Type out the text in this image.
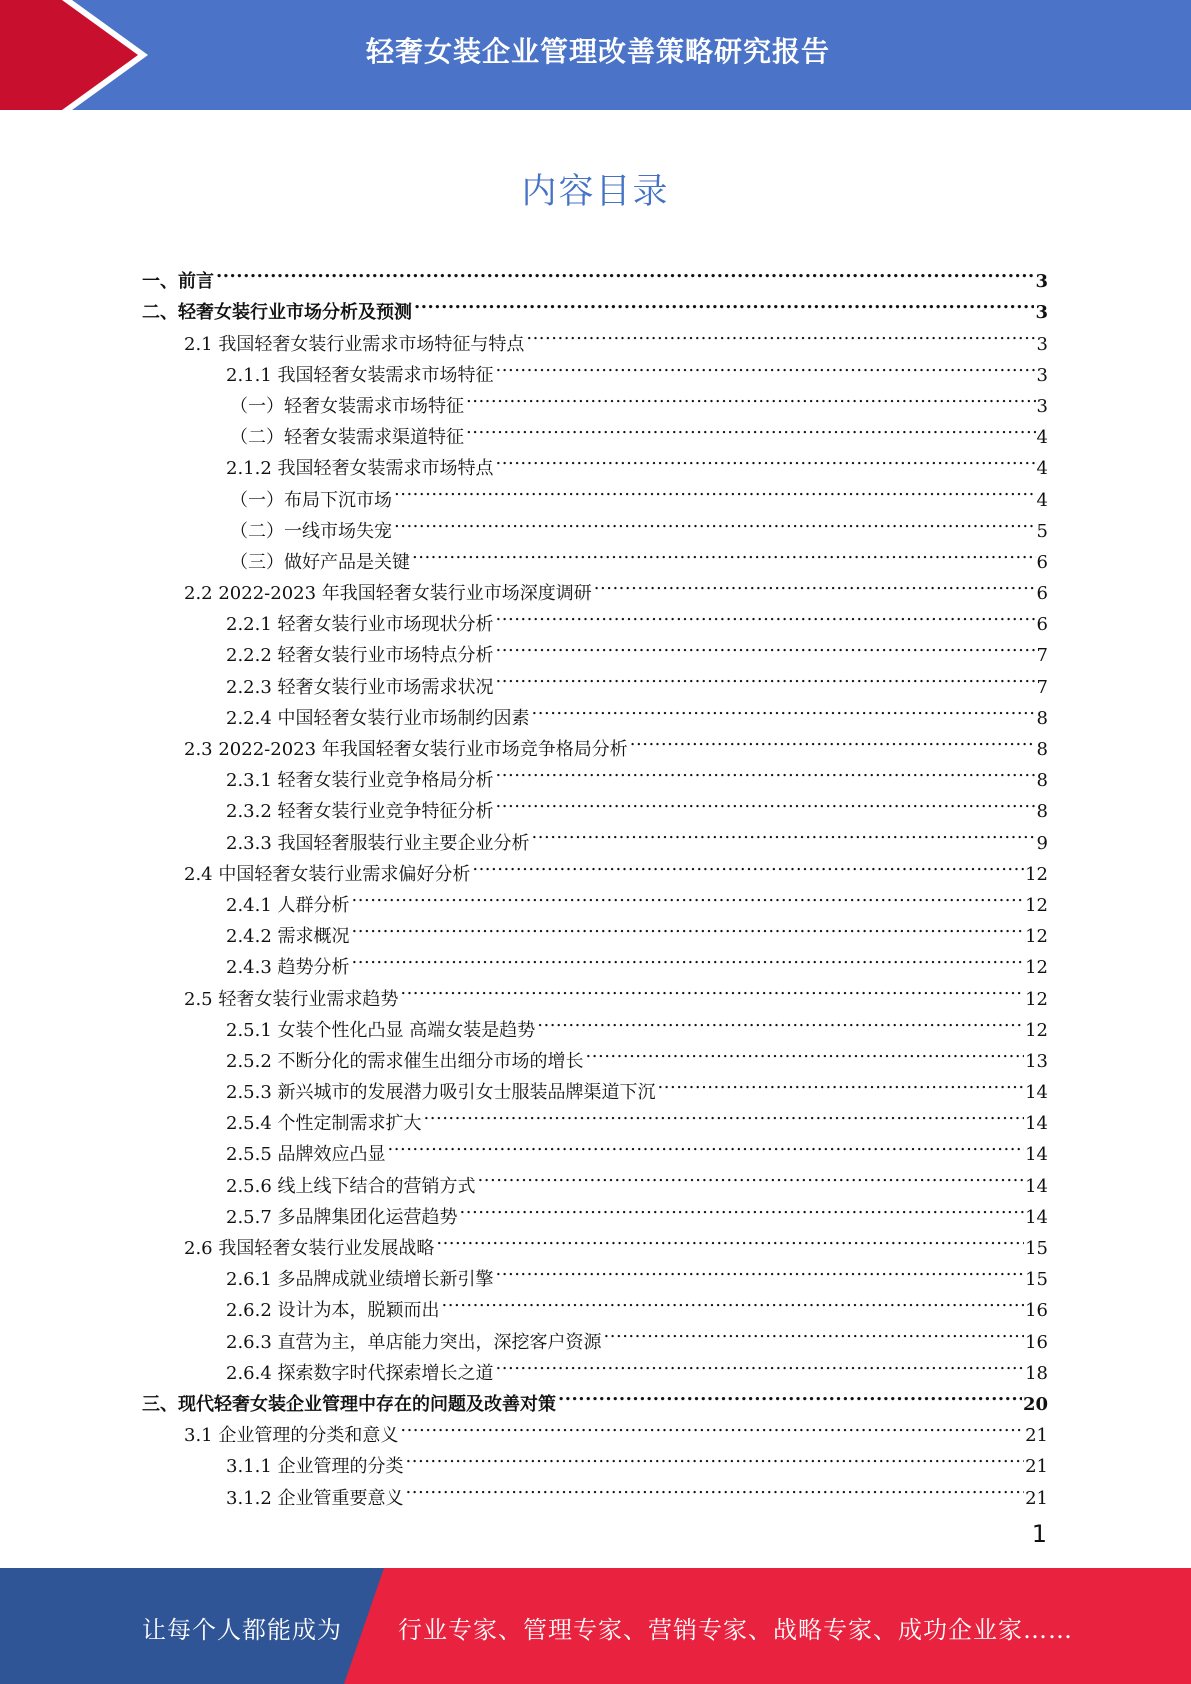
轻奢女装企业管理改善策略研究报告
内容目录
一、前言 .....	3
二、轻奢女装行业市场分析及预测 .....	3
2.1 我国轻奢女装行业需求市场特征与特点 .....	3
2.1.1 我国轻奢女装需求市场特征 .....	3
（一）轻奢女装需求市场特征 .....	3
（二）轻奢女装需求渠道特征 .....	4
2.1.2 我国轻奢女装需求市场特点 .....	4
（一）布局下沉市场 .....	4
（二）一线市场失宠 .....	5
（三）做好产品是关键 .....	6
2.2 2022-2023 年我国轻奢女装行业市场深度调研 .....	6
2.2.1 轻奢女装行业市场现状分析 .....	6
2.2.2 轻奢女装行业市场特点分析 .....	7
2.2.3 轻奢女装行业市场需求状况 .....	7
2.2.4 中国轻奢女装行业市场制约因素 .....	8
2.3 2022-2023 年我国轻奢女装行业市场竞争格局分析 .....	8
2.3.1 轻奢女装行业竞争格局分析 .....	8
2.3.2 轻奢女装行业竞争特征分析 .....	8
2.3.3 我国轻奢服装行业主要企业分析 .....	9
2.4 中国轻奢女装行业需求偏好分析 .....	12
2.4.1 人群分析 .....	12
2.4.2 需求概况 .....	12
2.4.3 趋势分析 .....	12
2.5 轻奢女装行业需求趋势 .....	12
2.5.1 女装个性化凸显 高端女装是趋势 .....	12
2.5.2 不断分化的需求催生出细分市场的增长 .....	13
2.5.3 新兴城市的发展潜力吸引女士服装品牌渠道下沉 .....	14
2.5.4 个性定制需求扩大 .....	14
2.5.5 品牌效应凸显 .....	14
2.5.6 线上线下结合的营销方式 .....	14
2.5.7 多品牌集团化运营趋势 .....	14
2.6 我国轻奢女装行业发展战略 .....	15
2.6.1 多品牌成就业绩增长新引擎 .....	15
2.6.2 设计为本，脱颖而出 .....	16
2.6.3 直营为主，单店能力突出，深挖客户资源 .....	16
2.6.4 探索数字时代探索增长之道 .....	18
三、现代轻奢女装企业管理中存在的问题及改善对策 .....	20
3.1 企业管理的分类和意义 .....	21
3.1.1 企业管理的分类 .....	21
3.1.2 企业管重要意义 .....	21
1
让每个人都能成为 行业专家、管理专家、营销专家、战略专家、成功企业家……
